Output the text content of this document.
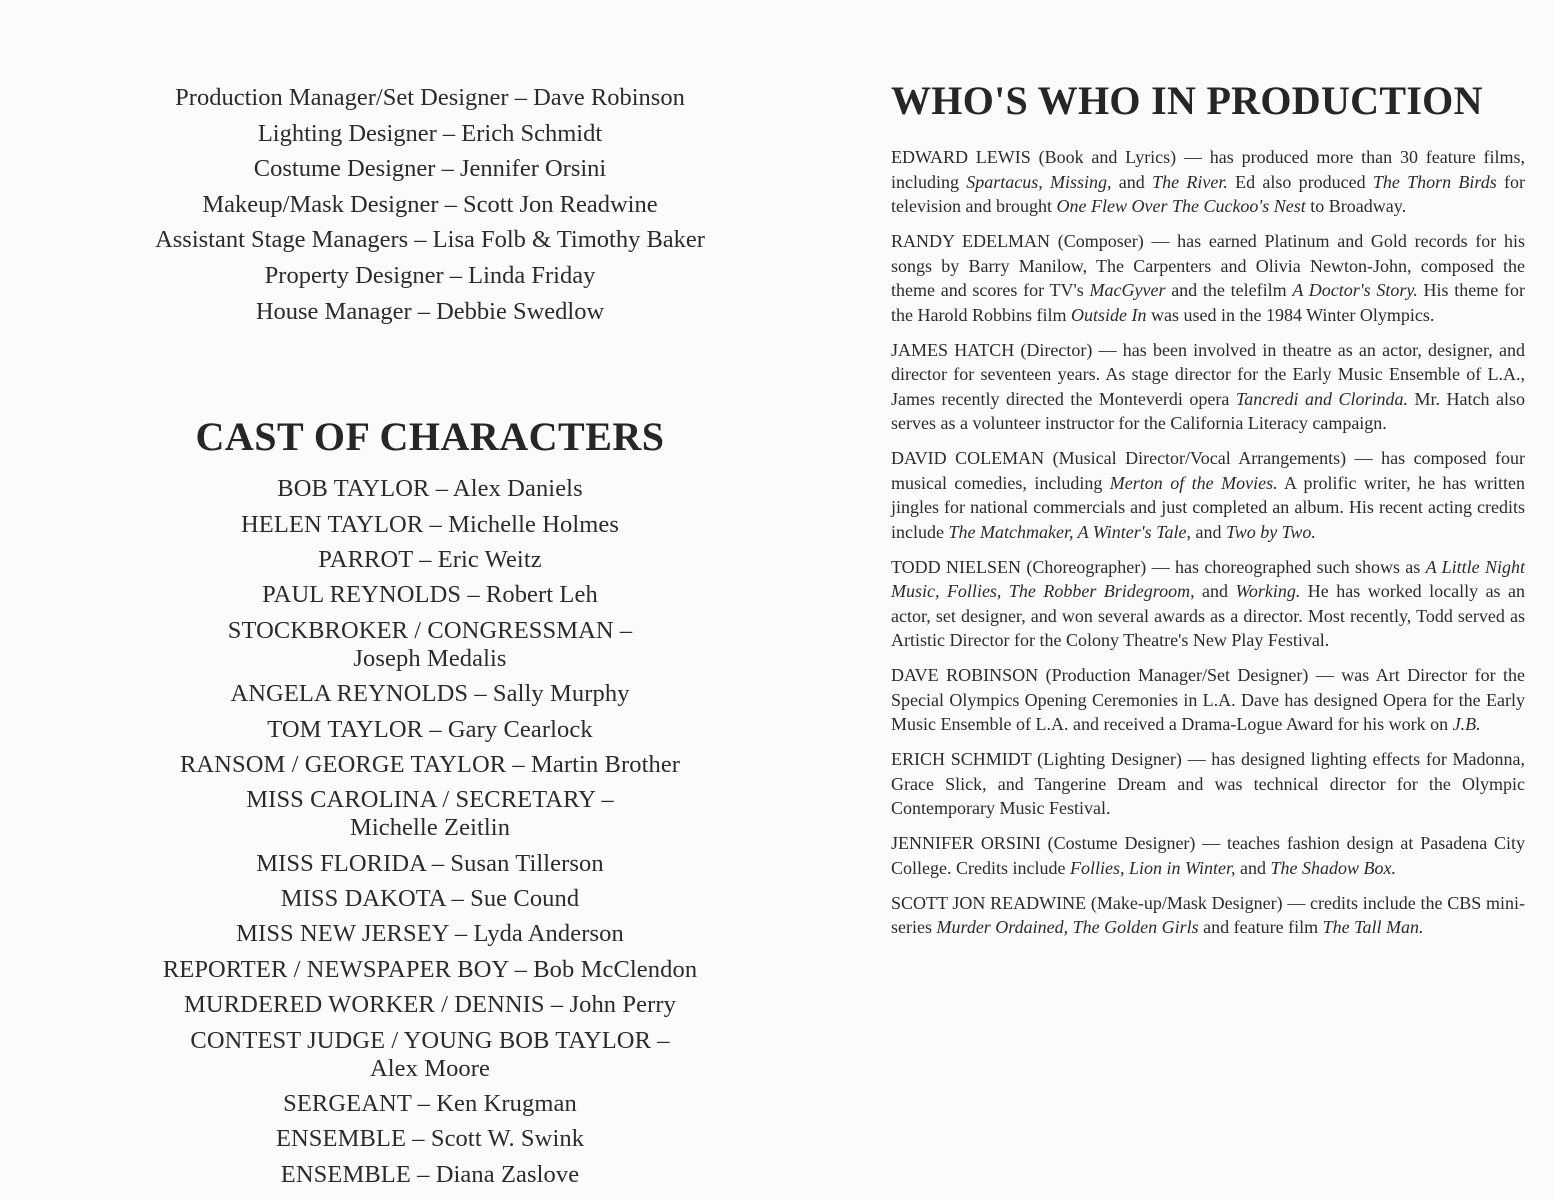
Production Manager/Set Designer – Dave Robinson
Lighting Designer – Erich Schmidt
Costume Designer – Jennifer Orsini
Makeup/Mask Designer – Scott Jon Readwine
Assistant Stage Managers – Lisa Folb & Timothy Baker
Property Designer – Linda Friday
House Manager – Debbie Swedlow
CAST OF CHARACTERS
BOB TAYLOR – Alex Daniels
HELEN TAYLOR – Michelle Holmes
PARROT – Eric Weitz
PAUL REYNOLDS – Robert Leh
STOCKBROKER / CONGRESSMAN –
Joseph Medalis
ANGELA REYNOLDS – Sally Murphy
TOM TAYLOR – Gary Cearlock
RANSOM / GEORGE TAYLOR – Martin Brother
MISS CAROLINA / SECRETARY –
Michelle Zeitlin
MISS FLORIDA – Susan Tillerson
MISS DAKOTA – Sue Cound
MISS NEW JERSEY – Lyda Anderson
REPORTER / NEWSPAPER BOY – Bob McClendon
MURDERED WORKER / DENNIS – John Perry
CONTEST JUDGE / YOUNG BOB TAYLOR –
Alex Moore
SERGEANT – Ken Krugman
ENSEMBLE – Scott W. Swink
ENSEMBLE – Diana Zaslove
WHO'S WHO IN PRODUCTION
EDWARD LEWIS (Book and Lyrics) — has produced more than 30 feature films, including Spartacus, Missing, and The River. Ed also produced The Thorn Birds for television and brought One Flew Over The Cuckoo's Nest to Broadway.
RANDY EDELMAN (Composer) — has earned Platinum and Gold records for his songs by Barry Manilow, The Carpenters and Olivia Newton-John, composed the theme and scores for TV's MacGyver and the telefilm A Doctor's Story. His theme for the Harold Robbins film Outside In was used in the 1984 Winter Olympics.
JAMES HATCH (Director) — has been involved in theatre as an actor, designer, and director for seventeen years. As stage director for the Early Music Ensemble of L.A., James recently directed the Monteverdi opera Tancredi and Clorinda. Mr. Hatch also serves as a volunteer instructor for the California Literacy campaign.
DAVID COLEMAN (Musical Director/Vocal Arrangements) — has composed four musical comedies, including Merton of the Movies. A prolific writer, he has written jingles for national commercials and just completed an album. His recent acting credits include The Matchmaker, A Winter's Tale, and Two by Two.
TODD NIELSEN (Choreographer) — has choreographed such shows as A Little Night Music, Follies, The Robber Bridegroom, and Working. He has worked locally as an actor, set designer, and won several awards as a director. Most recently, Todd served as Artistic Director for the Colony Theatre's New Play Festival.
DAVE ROBINSON (Production Manager/Set Designer) — was Art Director for the Special Olympics Opening Ceremonies in L.A. Dave has designed Opera for the Early Music Ensemble of L.A. and received a Drama-Logue Award for his work on J.B.
ERICH SCHMIDT (Lighting Designer) — has designed lighting effects for Madonna, Grace Slick, and Tangerine Dream and was technical director for the Olympic Contemporary Music Festival.
JENNIFER ORSINI (Costume Designer) — teaches fashion design at Pasadena City College. Credits include Follies, Lion in Winter, and The Shadow Box.
SCOTT JON READWINE (Make-up/Mask Designer) — credits include the CBS mini-series Murder Ordained, The Golden Girls and feature film The Tall Man.
